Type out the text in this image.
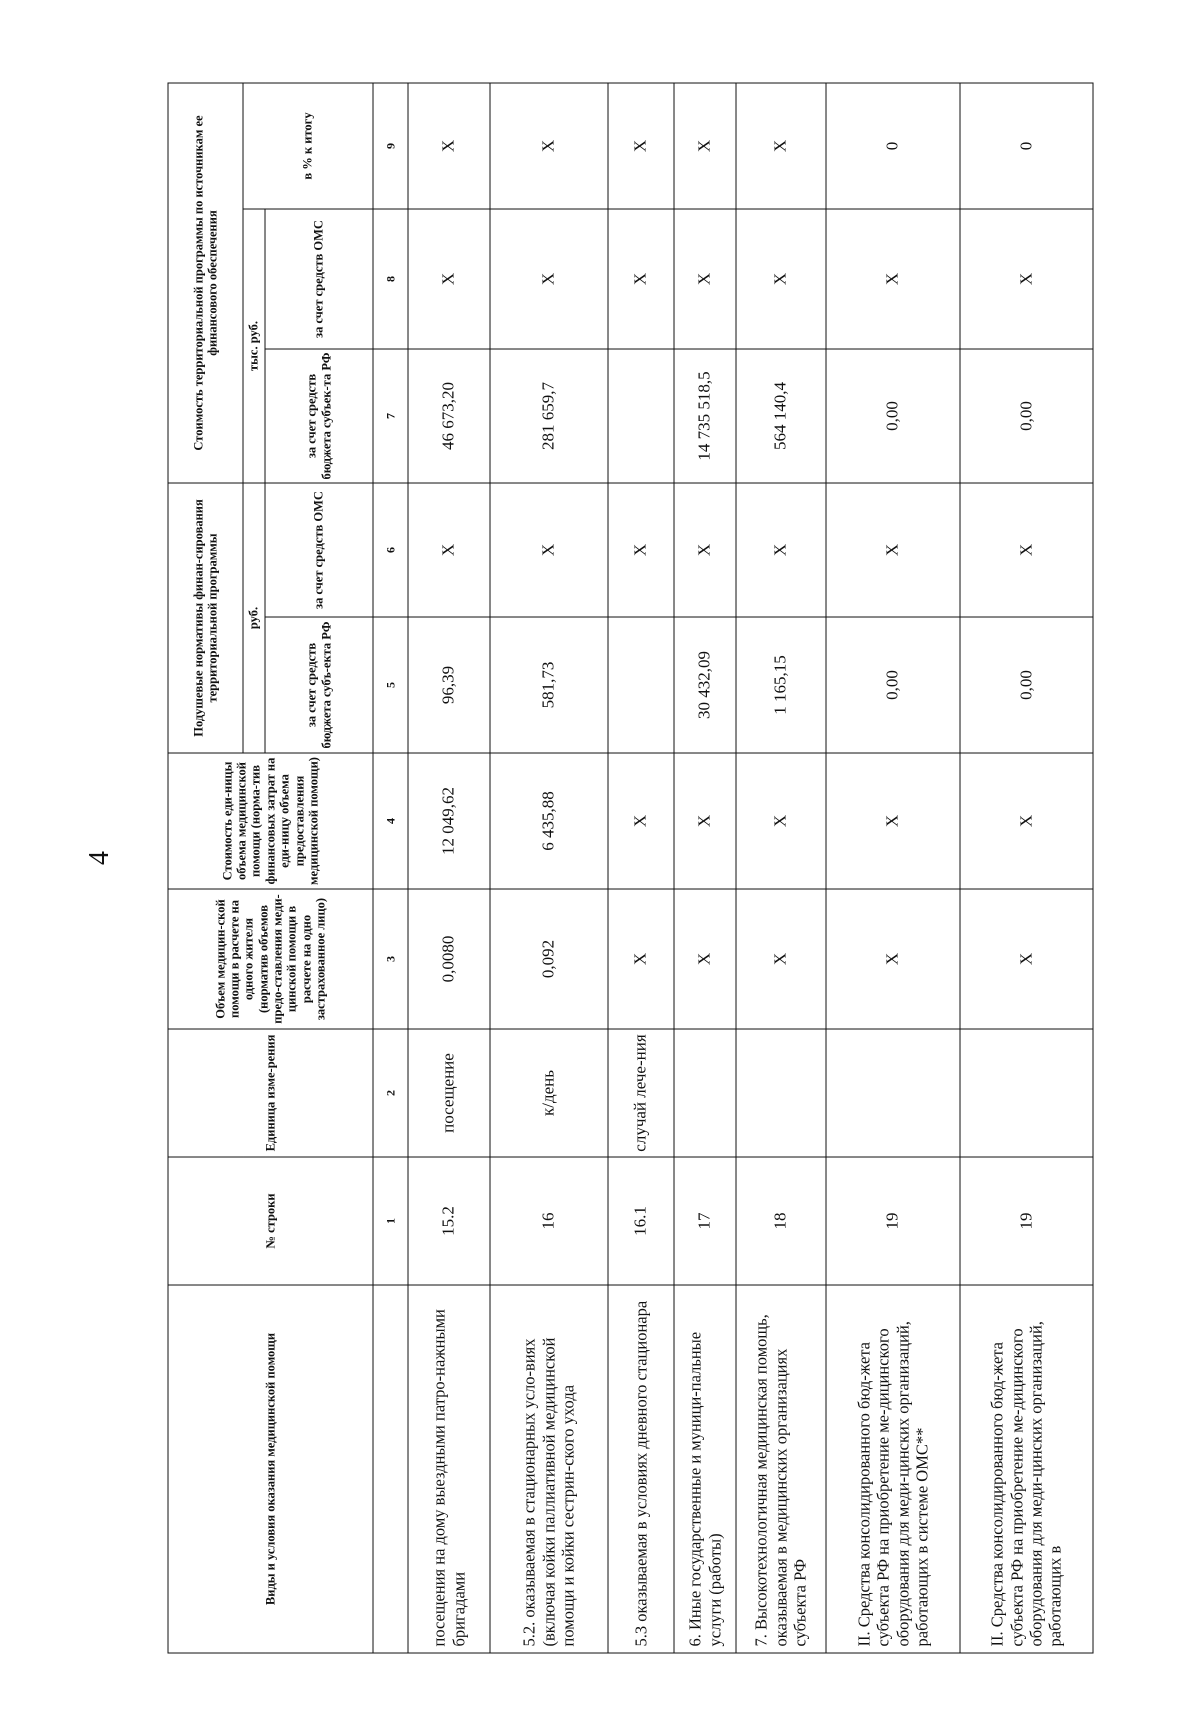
4
Виды и условия оказания медицинской помощи	№ строки	Единица изме-рения	Объем медицин-ской помощи в расчете на одного жителя (норматив объемов предо-ставления меди-цинской помощи в расчете на одно застрахованное лицо)	Стоимость еди-ницы объема медицинской помощи (норма-тив финансовых затрат на еди-ницу объема предоставления медицинской помощи)	Подушевые нормативы финан-сирования территориальной программы		Стоимость территориальной программы по источникам ее финансового обеспечения		
					руб.		тыс. руб.		в % к итогу
					за счет средств бюджета субъ-екта РФ	за счет средств ОМС	за счет средств бюджета субъек-та РФ	за счет средств ОМС	
	1	2	3	4	5	6	7	8	9
посещения на дому выездными патро-нажными бригадами	15.2	посещение	0,0080	12 049,62	96,39	X	46 673,20	X	X
5.2. оказываемая в стационарных усло-виях (включая койки паллиативной медицинской помощи и койки сестрин-ского ухода	16	к/день	0,092	6 435,88	581,73	X	281 659,7	X	X
5.3 оказываемая в условиях дневного стационара	16.1	случай лече-ния	X	X		X		X	X
6. Иные государственные и муници-пальные услуги (работы)	17		X	X	30 432,09	X	14 735 518,5	X	X
7. Высокотехнологичная медицинская помощь, оказываемая в медицинских организациях субъекта РФ	18		X	X	1 165,15	X	564 140,4	X	X
II. Средства консолидированного бюд-жета субъекта РФ на приобретение ме-дицинского оборудования для меди-цинских организаций, работающих в системе ОМС**	19		X	X	0,00	X	0,00	X	0
II. Средства консолидированного бюд-жета субъекта РФ на приобретение ме-дицинского оборудования для меди-цинских организаций, работающих в	19		X	X	0,00	X	0,00	X	0
